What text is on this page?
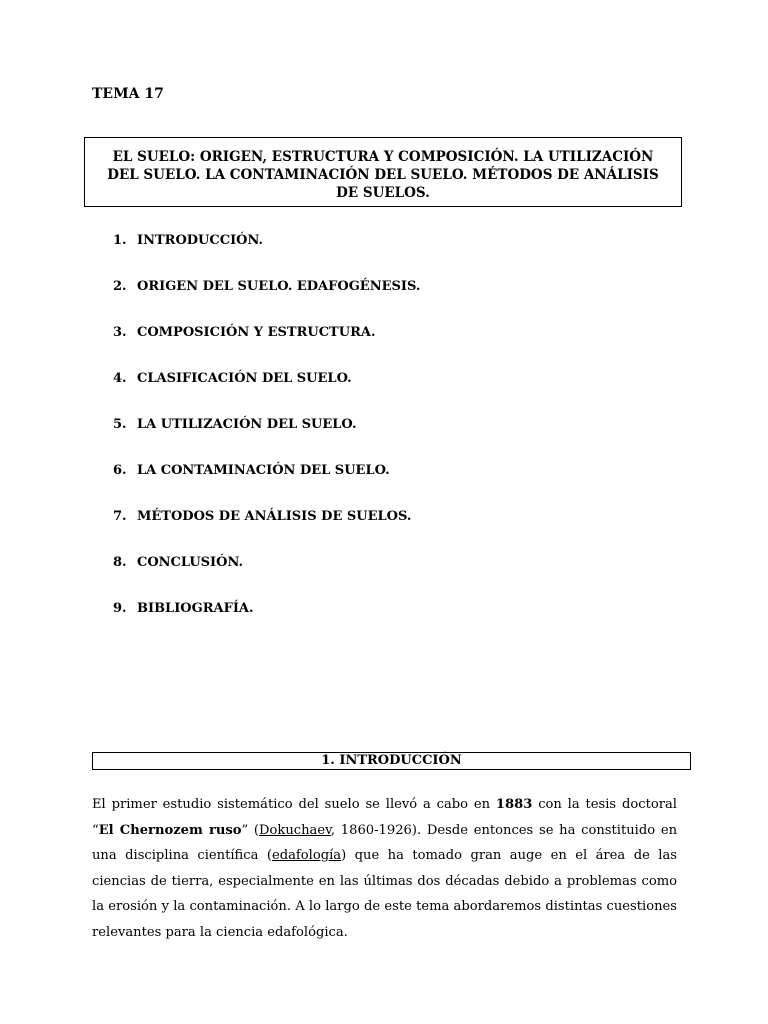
TEMA 17
EL SUELO: ORIGEN, ESTRUCTURA Y COMPOSICIÓN. LA UTILIZACIÓN DEL SUELO. LA CONTAMINACIÓN DEL SUELO. MÉTODOS DE ANÁLISIS DE SUELOS.
1. INTRODUCCIÓN.
2. ORIGEN DEL SUELO. EDAFOGÉNESIS.
3. COMPOSICIÓN Y ESTRUCTURA.
4. CLASIFICACIÓN DEL SUELO.
5. LA UTILIZACIÓN DEL SUELO.
6. LA CONTAMINACIÓN DEL SUELO.
7. MÉTODOS DE ANÁLISIS DE SUELOS.
8. CONCLUSIÓN.
9. BIBLIOGRAFÍA.
1. INTRODUCCIÓN

El primer estudio sistemático del suelo se llevó a cabo en 1883 con la tesis doctoral “El Chernozem ruso” (Dokuchaev, 1860-1926). Desde entonces se ha constituido en una disciplina científica (edafología) que ha tomado gran auge en el área de las ciencias de tierra, especialmente en las últimas dos décadas debido a problemas como la erosión y la contaminación. A lo largo de este tema abordaremos distintas cuestiones relevantes para la ciencia edafológica.
